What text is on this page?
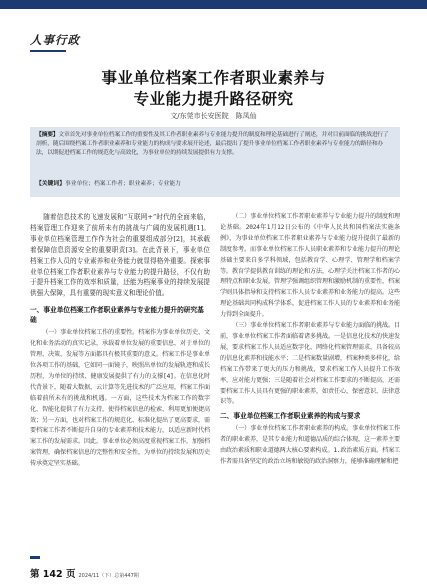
人事行政
事业单位档案工作者职业素养与
专业能力提升路径研究
文/东莞市长安医院　陈凤仙
【摘要】文章首先对事业单位档案工作的重要性及其工作者职业素养与专业能力提升的制度和理论基础进行了阐述，并对目前面临的挑战进行了剖析，随后围绕档案工作者职业素养和专业能力的构成与要求展开论述，最后提出了提升事业单位档案工作者职业素养与专业能力的路径和办法，以期促进档案工作的规范化与高效化，为事业单位的持续发展提供有力支撑。
【关键词】事业单位；档案工作者；职业素养；专业能力

随着信息技术的飞速发展和“互联网+”时代的全面来临，档案管理工作迎来了前所未有的挑战与广阔的发展机遇[1]。事业单位档案管理工作作为社会的重要组成部分[2]，其承载着保障信息资源安全的重要职责[3]。在此背景下，事业单位档案工作人员的专业素养和业务能力就显得格外重要。探索事业单位档案工作者职业素养与专业能力的提升路径，不仅有助于提升档案工作的效率和质量，还能为档案事业的持续发展提供强大保障，具有重要的现实意义和理论价值。

一、事业单位档案工作者职业素养与专业能力提升的研究基础

（一）事业单位档案工作的重要性。档案作为事业单位历史、文化和业务活动的真实记录，承载着单位发展的重要信息，对于单位的管理、决策、发展等方面都具有极其重要的意义。档案工作是事业单位各项工作的基础，它如同一面镜子，映照出单位的发展轨迹和成长历程，为单位的持续、健康发展提供了有力的支撑[4]。在信息化时代背景下，随着大数据、云计算等先进技术的广泛应用，档案工作面临着前所未有的挑战和机遇。一方面，这些技术为档案工作的数字化、智能化提供了有力支持，使得档案信息的检索、利用更加便捷高效；另一方面，也对档案工作的规范化、标准化提出了更高要求，需要档案工作者不断提升自身的专业素养和技术能力，以适应新时代档案工作的发展需求。因此，事业单位必须高度重视档案工作，加强档案管理，确保档案信息的完整性和安全性，为单位的持续发展和历史传承奠定坚实基础。

（二）事业单位档案工作者职业素养与专业能力提升的制度和理论基础。2024年1月12日公布的《中华人民共和国档案法实施条例》，为事业单位档案工作者职业素养与专业能力提升提供了最新的制度参考。而事业单位档案工作人员职业素养和专业能力提升的理论基础主要来自多学科领域，包括教育学、心理学、管理学和档案学等。教育学提供教育训练的理论和方法，心理学关注档案工作者的心理特点和职业发展，管理学强调组织管理和激励机制的重要性，档案学则具体指导和支持档案工作人员专业素养和业务能力的提高。这些理论基础共同构成科学体系，促进档案工作人员的专业素养和业务能力得到全面提升。

（三）事业单位档案工作者职业素养与专业能力面临的挑战。目前，事业单位档案工作者面临着诸多挑战。一是信息化技术的快速发展，要求档案工作人员适应数字化、网络化档案管理需求，具备较高的信息化素养和技能水平；二是档案数量剧增，档案种类多样化，给档案工作带来了更大的压力和挑战，要求档案工作人员提升工作效率，应对能力更强；三是随着社会对档案工作要求的不断提高，还需要档案工作人员具有更强的职业素养，如责任心、保密意识、法律意识等。

二、事业单位档案工作者职业素养的构成与要求

（一）事业单位档案工作者职业素养的构成。事业单位档案工作者的职业素养，是其专业能力和道德品质的综合体现，这一素养主要由政治素质和职业道德两大核心要素构成。1.政治素质方面。档案工作者需具备坚定的政治立场和敏锐的政治洞察力，能够准确理解和把

第 142 页 2024/11（下）总第447期
